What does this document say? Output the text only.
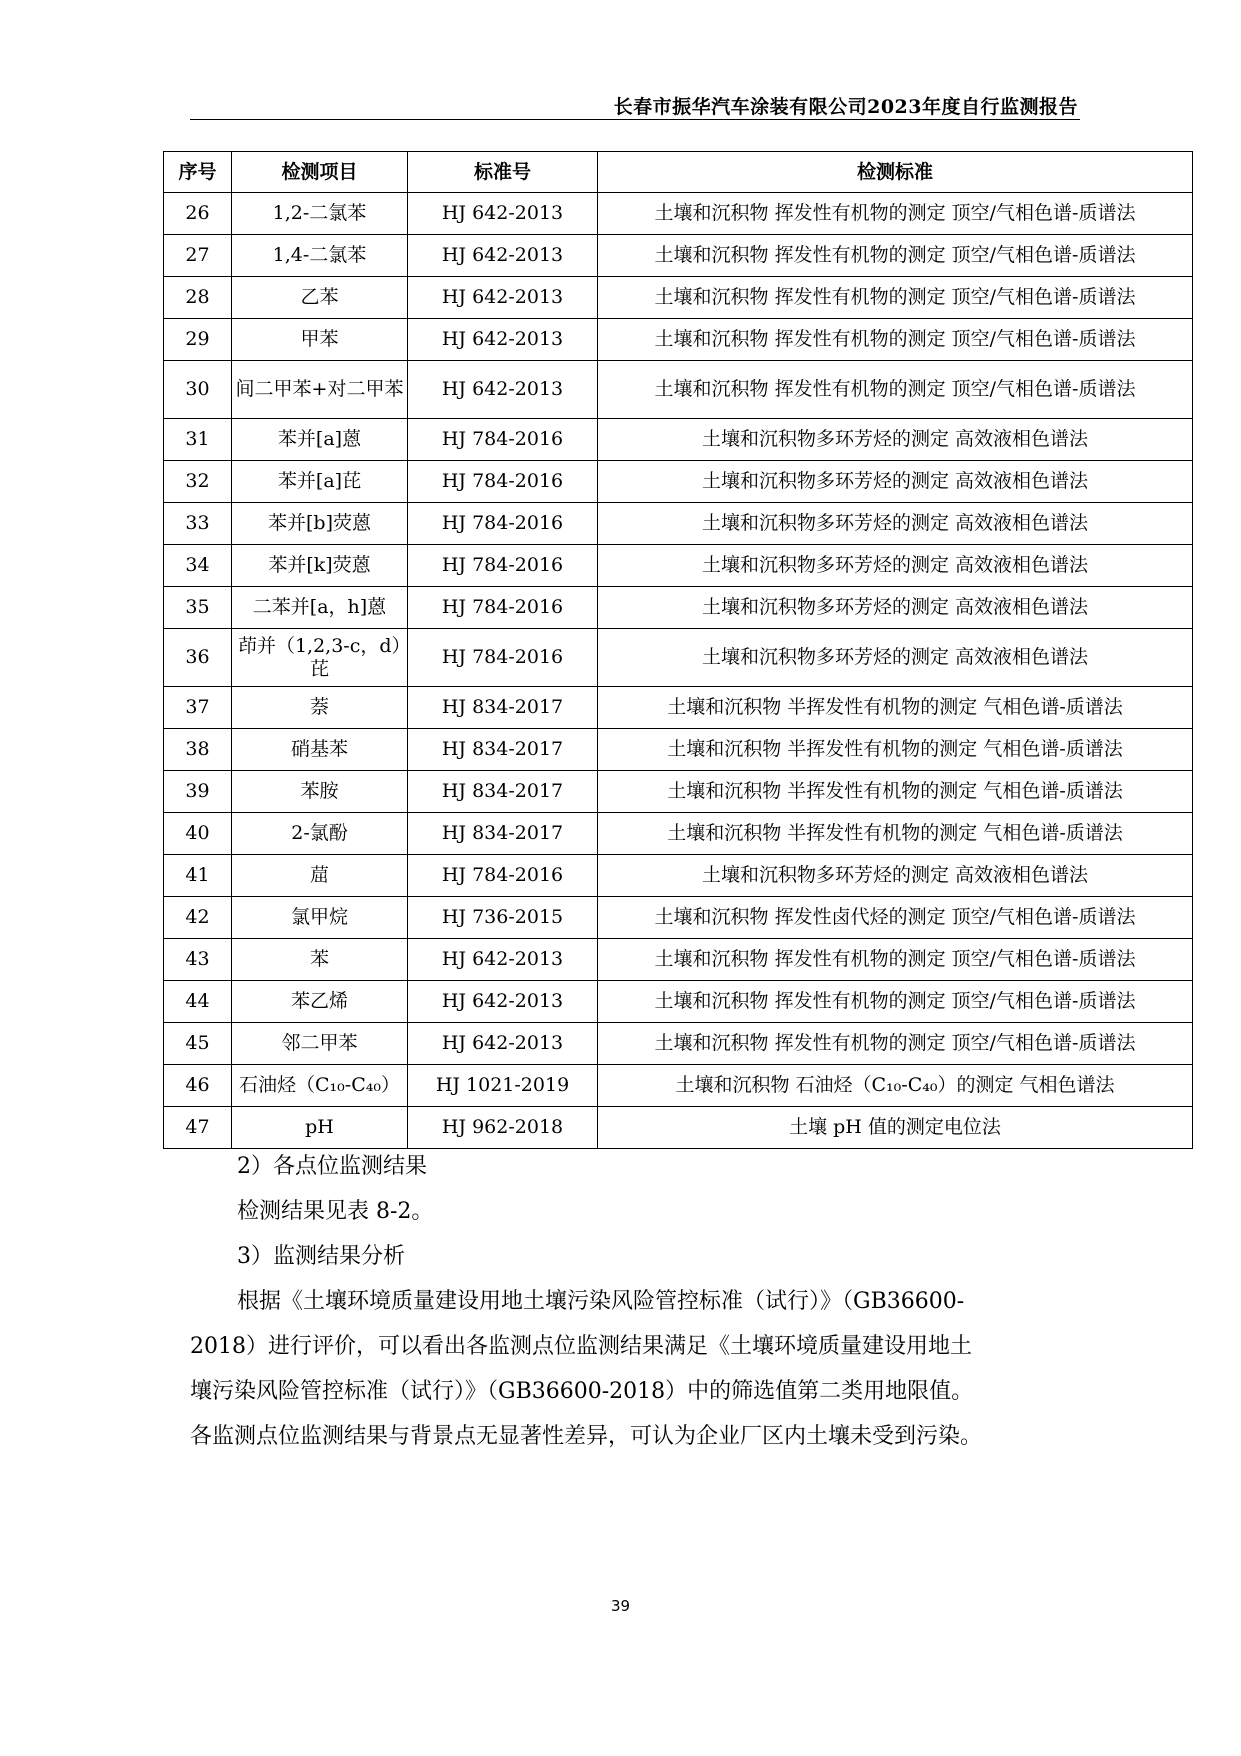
长春市振华汽车涂装有限公司2023年度自行监测报告
序号	检测项目	标准号	检测标准
26	1,2-二氯苯	HJ 642-2013	土壤和沉积物 挥发性有机物的测定 顶空/气相色谱-质谱法
27	1,4-二氯苯	HJ 642-2013	土壤和沉积物 挥发性有机物的测定 顶空/气相色谱-质谱法
28	乙苯	HJ 642-2013	土壤和沉积物 挥发性有机物的测定 顶空/气相色谱-质谱法
29	甲苯	HJ 642-2013	土壤和沉积物 挥发性有机物的测定 顶空/气相色谱-质谱法
30	间二甲苯+对二甲苯	HJ 642-2013	土壤和沉积物 挥发性有机物的测定 顶空/气相色谱-质谱法
31	苯并[a]蒽	HJ 784-2016	土壤和沉积物多环芳烃的测定 高效液相色谱法
32	苯并[a]芘	HJ 784-2016	土壤和沉积物多环芳烃的测定 高效液相色谱法
33	苯并[b]荧蒽	HJ 784-2016	土壤和沉积物多环芳烃的测定 高效液相色谱法
34	苯并[k]荧蒽	HJ 784-2016	土壤和沉积物多环芳烃的测定 高效液相色谱法
35	二苯并[a，h]蒽	HJ 784-2016	土壤和沉积物多环芳烃的测定 高效液相色谱法
36	茚并（1,2,3-c，d）芘	HJ 784-2016	土壤和沉积物多环芳烃的测定 高效液相色谱法
37	萘	HJ 834-2017	土壤和沉积物 半挥发性有机物的测定 气相色谱-质谱法
38	硝基苯	HJ 834-2017	土壤和沉积物 半挥发性有机物的测定 气相色谱-质谱法
39	苯胺	HJ 834-2017	土壤和沉积物 半挥发性有机物的测定 气相色谱-质谱法
40	2-氯酚	HJ 834-2017	土壤和沉积物 半挥发性有机物的测定 气相色谱-质谱法
41	䓛	HJ 784-2016	土壤和沉积物多环芳烃的测定 高效液相色谱法
42	氯甲烷	HJ 736-2015	土壤和沉积物 挥发性卤代烃的测定 顶空/气相色谱-质谱法
43	苯	HJ 642-2013	土壤和沉积物 挥发性有机物的测定 顶空/气相色谱-质谱法
44	苯乙烯	HJ 642-2013	土壤和沉积物 挥发性有机物的测定 顶空/气相色谱-质谱法
45	邻二甲苯	HJ 642-2013	土壤和沉积物 挥发性有机物的测定 顶空/气相色谱-质谱法
46	石油烃（C₁₀-C₄₀）	HJ 1021-2019	土壤和沉积物 石油烃（C₁₀-C₄₀）的测定 气相色谱法
47	pH	HJ 962-2018	土壤 pH 值的测定电位法

2）各点位监测结果

检测结果见表 8-2。

3）监测结果分析

根据《土壤环境质量建设用地土壤污染风险管控标准（试行）》（GB36600-

2018）进行评价，可以看出各监测点位监测结果满足《土壤环境质量建设用地土

壤污染风险管控标准（试行）》（GB36600-2018）中的筛选值第二类用地限值。

各监测点位监测结果与背景点无显著性差异，可认为企业厂区内土壤未受到污染。

39
